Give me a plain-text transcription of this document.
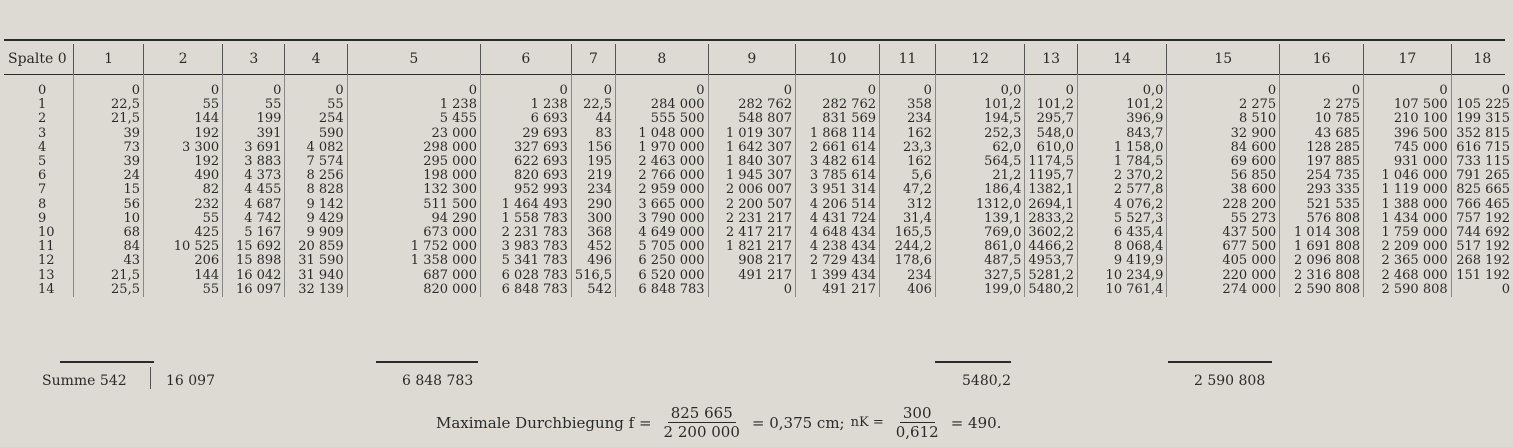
Spalte 0	1	2	3	4	5	6	7	8	9	10	11	12	13	14	15	16	17	18

0	0	0	0	0	0	0	0	0	0	0	0	0,0	0	0,0	0	0	0	0
1	22,5	55	55	55	1 238	1 238	22,5	284 000	282 762	282 762	358	101,2	101,2	101,2	2 275	2 275	107 500	105 225
2	21,5	144	199	254	5 455	6 693	44	555 500	548 807	831 569	234	194,5	295,7	396,9	8 510	10 785	210 100	199 315
3	39	192	391	590	23 000	29 693	83	1 048 000	1 019 307	1 868 114	162	252,3	548,0	843,7	32 900	43 685	396 500	352 815
4	73	3 300	3 691	4 082	298 000	327 693	156	1 970 000	1 642 307	2 661 614	23,3	62,0	610,0	1 158,0	84 600	128 285	745 000	616 715
5	39	192	3 883	7 574	295 000	622 693	195	2 463 000	1 840 307	3 482 614	162	564,5	1174,5	1 784,5	69 600	197 885	931 000	733 115
6	24	490	4 373	8 256	198 000	820 693	219	2 766 000	1 945 307	3 785 614	5,6	21,2	1195,7	2 370,2	56 850	254 735	1 046 000	791 265
7	15	82	4 455	8 828	132 300	952 993	234	2 959 000	2 006 007	3 951 314	47,2	186,4	1382,1	2 577,8	38 600	293 335	1 119 000	825 665
8	56	232	4 687	9 142	511 500	1 464 493	290	3 665 000	2 200 507	4 206 514	312	1312,0	2694,1	4 076,2	228 200	521 535	1 388 000	766 465
9	10	55	4 742	9 429	94 290	1 558 783	300	3 790 000	2 231 217	4 431 724	31,4	139,1	2833,2	5 527,3	55 273	576 808	1 434 000	757 192
10	68	425	5 167	9 909	673 000	2 231 783	368	4 649 000	2 417 217	4 648 434	165,5	769,0	3602,2	6 435,4	437 500	1 014 308	1 759 000	744 692
11	84	10 525	15 692	20 859	1 752 000	3 983 783	452	5 705 000	1 821 217	4 238 434	244,2	861,0	4466,2	8 068,4	677 500	1 691 808	2 209 000	517 192
12	43	206	15 898	31 590	1 358 000	5 341 783	496	6 250 000	908 217	2 729 434	178,6	487,5	4953,7	9 419,9	405 000	2 096 808	2 365 000	268 192
13	21,5	144	16 042	31 940	687 000	6 028 783	516,5	6 520 000	491 217	1 399 434	234	327,5	5281,2	10 234,9	220 000	2 316 808	2 468 000	151 192
14	25,5	55	16 097	32 139	820 000	6 848 783	542	6 848 783	0	491 217	406	199,0	5480,2	10 761,4	274 000	2 590 808	2 590 808	0
Summe 542	16 097	6 848 783	5480,2	2 590 808
Maximale Durchbiegung $f = \frac{825 665}{2 200 000} = 0,375$ cm; nK = $\frac{300}{0,612} = 490$.
